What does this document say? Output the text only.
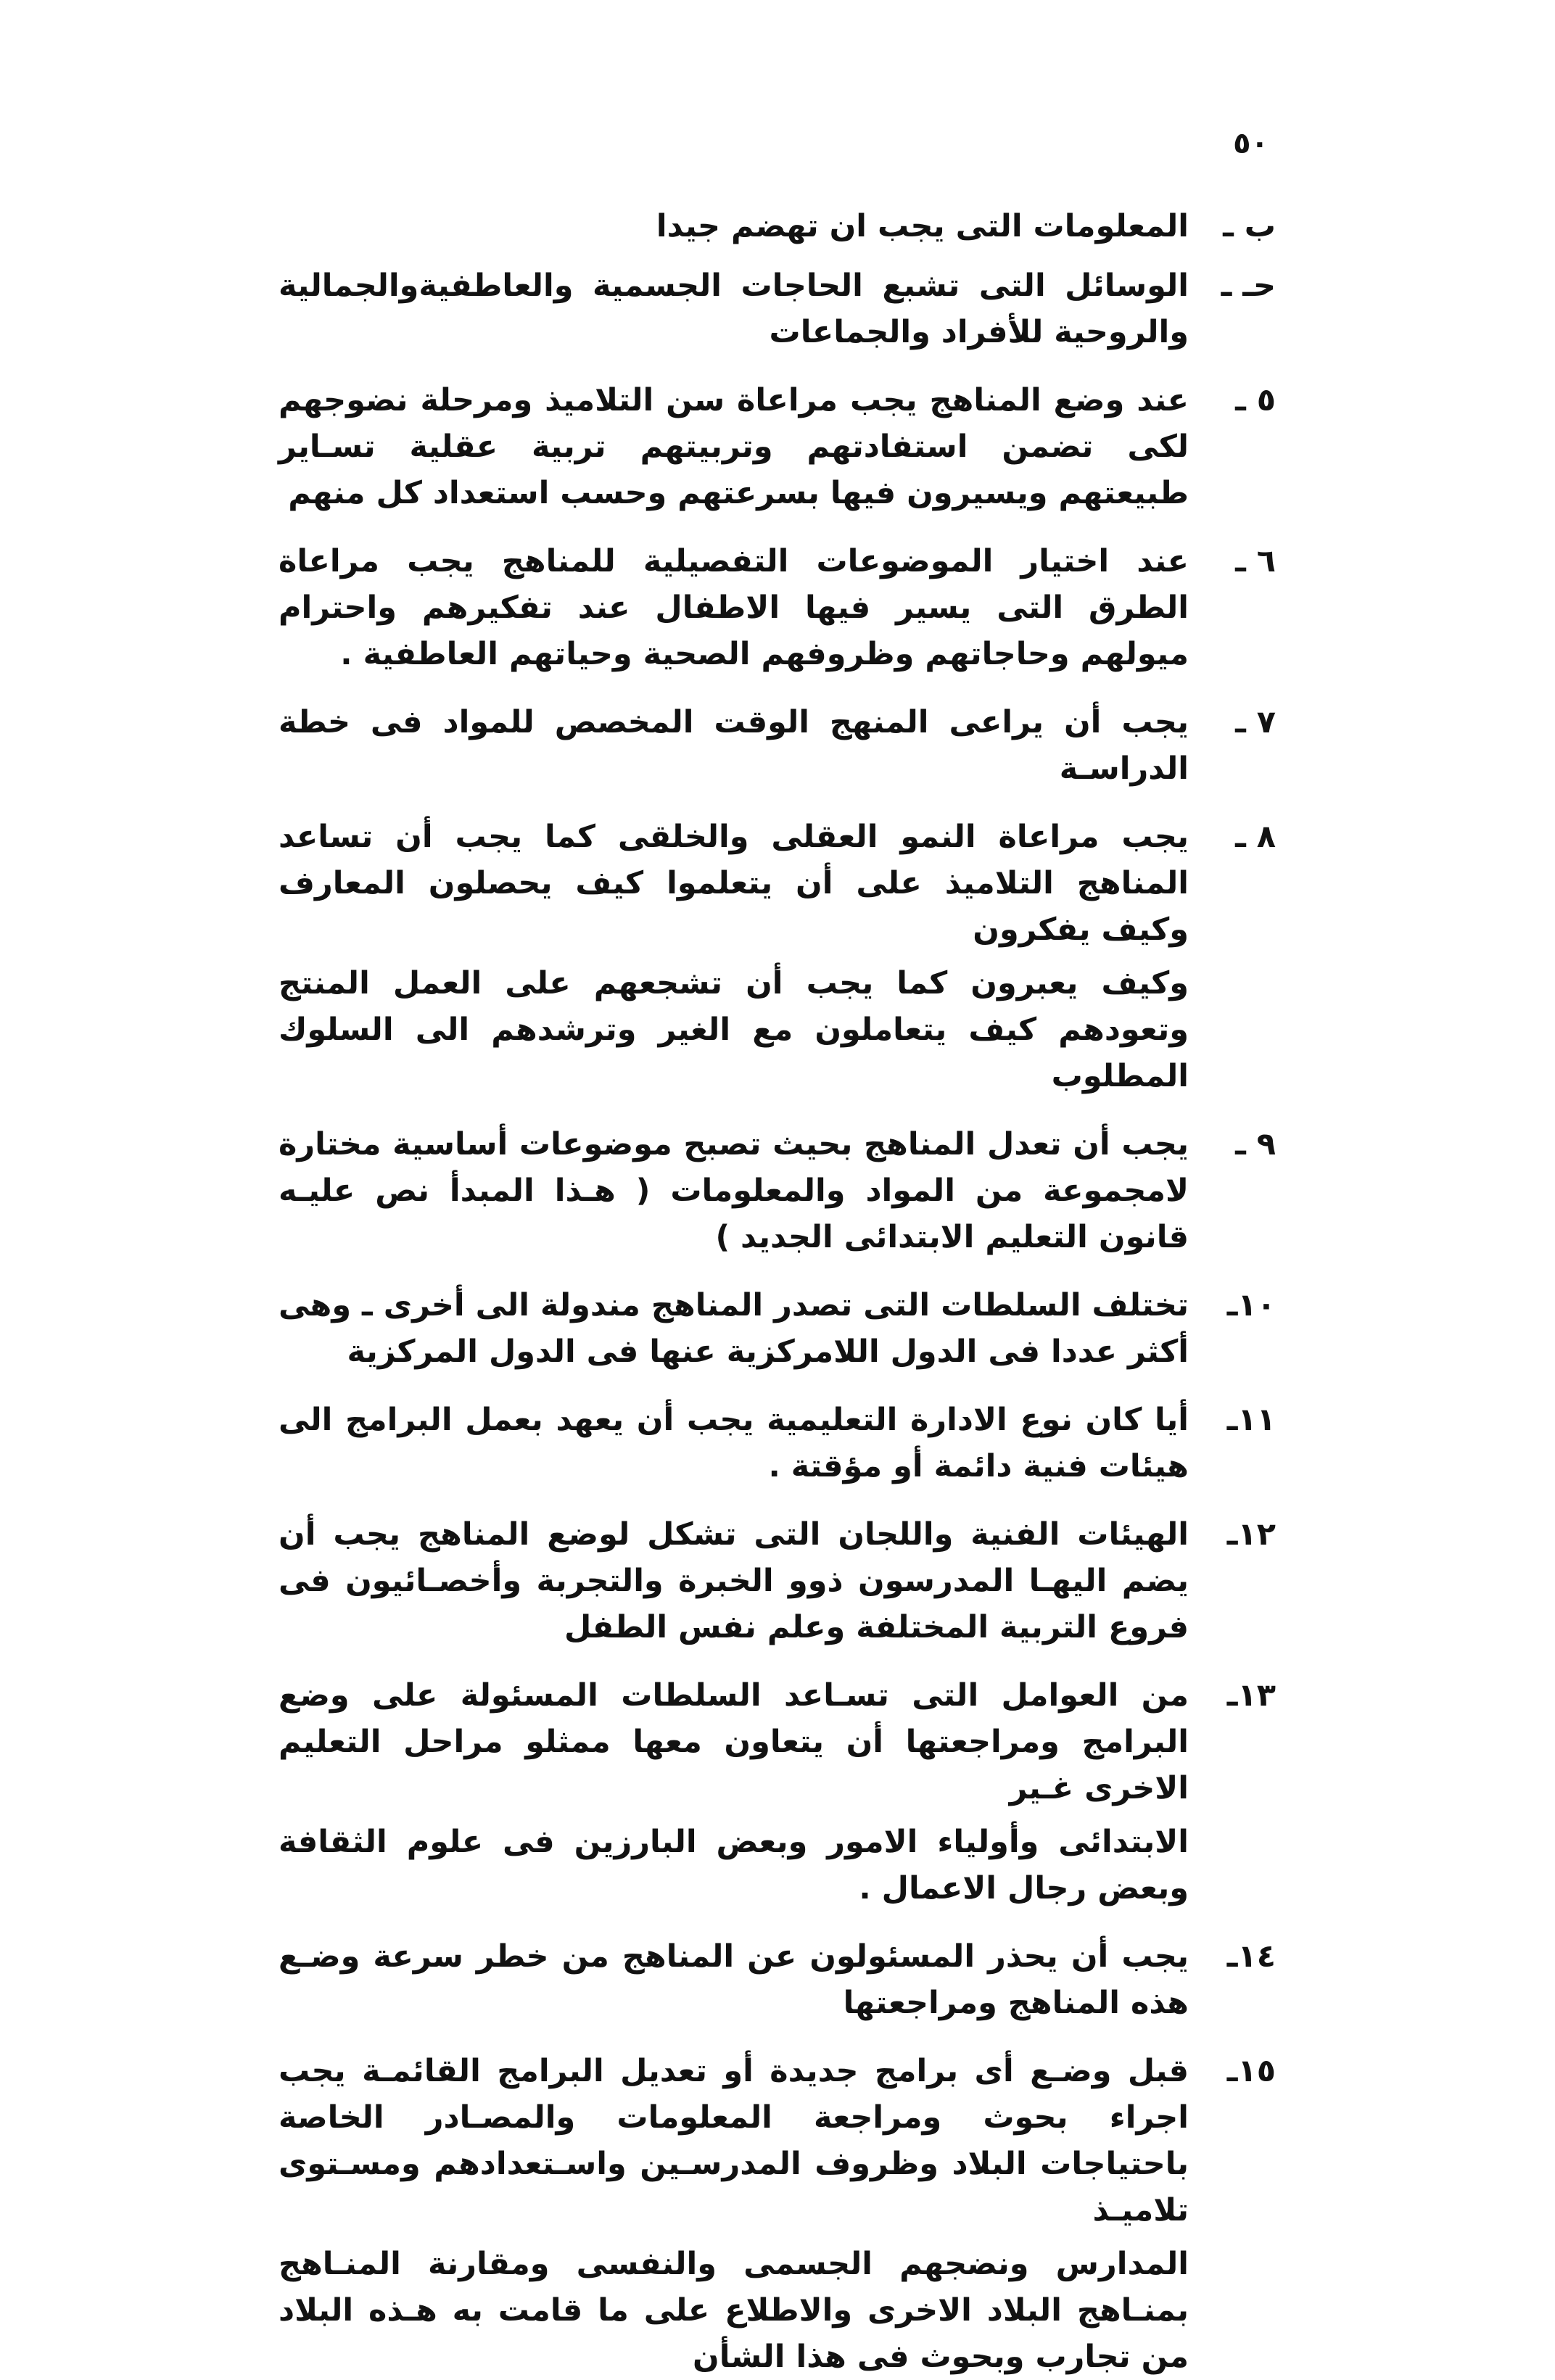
٥٠
ب ـ
المعلومات التى يجب ان تهضم جيدا
حـ ـ
الوسائل التى تشبع الحاجات الجسمية والعاطفيةوالجمالية والروحية للأفراد والجماعات
٥ ـ
عند وضع المناهج يجب مراعاة سن التلاميذ ومرحلة نضوجهم لكى تضمن استفادتهم وتربيتهم تربية عقلية تسـاير طبيعتهم ويسيرون فيها بسرعتهم وحسب استعداد كل منهم
٦ ـ
عند اختيار الموضوعات التفصيلية للمناهج يجب مراعاة الطرق التى يسير فيها الاطفال عند تفكيرهم واحترام ميولهم وحاجاتهم وظروفهم الصحية وحياتهم العاطفية .
٧ ـ
يجب أن يراعى المنهج الوقت المخصص للمواد فى خطة الدراسـة
٨ ـ
يجب مراعاة النمو العقلى والخلقى كما يجب أن تساعد المناهج التلاميذ على أن يتعلموا كيف يحصلون المعارف وكيف يفكرون
وكيف يعبرون كما يجب أن تشجعهم على العمل المنتج وتعودهم كيف يتعاملون مع الغير وترشدهم الى السلوك المطلوب
٩ ـ
يجب أن تعدل المناهج بحيث تصبح موضوعات أساسية مختارة لامجموعة من المواد والمعلومات ( هـذا المبدأ نص عليـه قانون التعليم الابتدائى الجديد )
١٠ـ
تختلف السلطات التى تصدر المناهج مندولة الى أخرى ـ وهى أكثر عددا فى الدول اللامركزية عنها فى الدول المركزية
١١ـ
أيا كان نوع الادارة التعليمية يجب أن يعهد بعمل البرامج الى هيئات فنية دائمة أو مؤقتة .
١٢ـ
الهيئات الفنية واللجان التى تشكل لوضع المناهج يجب أن يضم اليهـا المدرسون ذوو الخبرة والتجربة وأخصـائيون فى فروع التربية المختلفة وعلم نفس الطفل
١٣ـ
من العوامل التى تسـاعد السلطات المسئولة على وضع البرامج ومراجعتها أن يتعاون معها ممثلو مراحل التعليم الاخرى غـير
الابتدائى وأولياء الامور وبعض البارزين فى علوم الثقافة وبعض رجال الاعمال .
١٤ـ
يجب أن يحذر المسئولون عن المناهج من خطر سرعة وضـع هذه المناهج ومراجعتها
١٥ـ
قبل وضـع أى برامج جديدة أو تعديل البرامج القائمـة يجب اجراء بحوث ومراجعة المعلومات والمصـادر الخاصة باحتياجات البلاد وظروف المدرسـين واسـتعدادهم ومسـتوى تلاميـذ
المدارس ونضجهم الجسمى والنفسى ومقارنة المنـاهج بمنـاهج البلاد الاخرى والاطلاع على ما قامت به هـذه البلاد من تجارب وبحوث فى هذا الشأن
